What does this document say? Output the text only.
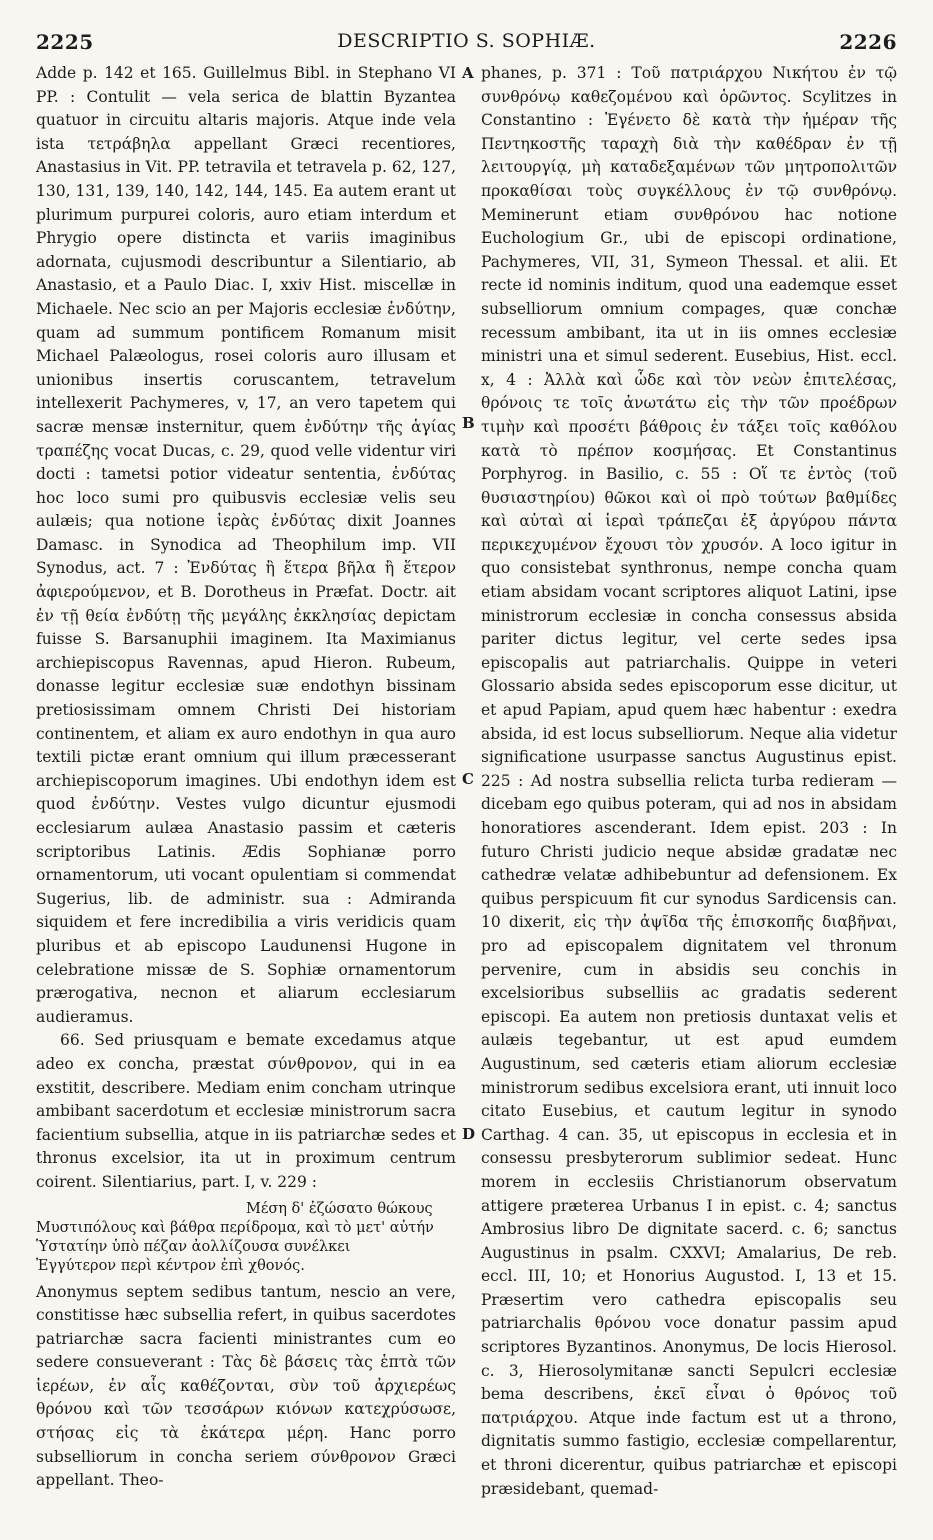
2225	DESCRIPTIO S. SOPHIÆ.	2226

Adde p. 142 et 165. Guillelmus Bibl. in Stephano VI PP. : Contulit — vela serica de blattin Byzantea quatuor in circuitu altaris majoris. Atque inde vela ista τετράβηλα appellant Græci recentiores, Anastasius in Vit. PP. tetravila et tetravela p. 62, 127, 130, 131, 139, 140, 142, 144, 145. Ea autem erant ut plurimum purpurei coloris, auro etiam interdum et Phrygio opere distincta et variis imaginibus adornata, cujusmodi describuntur a Silentiario, ab Anastasio, et a Paulo Diac. I, xxiv Hist. miscellæ in Michaele. Nec scio an per Majoris ecclesiæ ἐνδύτην, quam ad summum pontificem Romanum misit Michael Palæologus, rosei coloris auro illusam et unionibus insertis coruscantem, tetravelum intellexerit Pachymeres, v, 17, an vero tapetem qui sacræ mensæ insternitur, quem ἐνδύτην τῆς ἁγίας τραπέζης vocat Ducas, c. 29, quod velle videntur viri docti : tametsi potior videatur sententia, ἐνδύτας hoc loco sumi pro quibusvis ecclesiæ velis seu aulæis; qua notione ἱερὰς ἐνδύτας dixit Joannes Damasc. in Synodica ad Theophilum imp. VII Synodus, act. 7 : Ἐνδύτας ἢ ἕτερα βῆλα ἢ ἕτερον ἀφιερούμενον, et B. Dorotheus in Præfat. Doctr. ait ἐν τῇ θεία ἐνδύτῃ τῆς μεγάλης ἐκκλησίας depictam fuisse S. Barsanuphii imaginem. Ita Maximianus archiepiscopus Ravennas, apud Hieron. Rubeum, donasse legitur ecclesiæ suæ endothyn bissinam pretiosissimam omnem Christi Dei historiam continentem, et aliam ex auro endothyn in qua auro textili pictæ erant omnium qui illum præcesserant archiepiscoporum imagines. Ubi endothyn idem est quod ἐνδύτην. Vestes vulgo dicuntur ejusmodi ecclesiarum aulæa Anastasio passim et cæteris scriptoribus Latinis. Ædis Sophianæ porro ornamentorum, uti vocant opulentiam si commendat Sugerius, lib. de administr. sua : Admiranda siquidem et fere incredibilia a viris veridicis quam pluribus et ab episcopo Laudunensi Hugone in celebratione missæ de S. Sophiæ ornamentorum prærogativa, necnon et aliarum ecclesiarum audieramus.

66. Sed priusquam e bemate excedamus atque adeo ex concha, præstat σύνθρονον, qui in ea exstitit, describere. Mediam enim concham utrinque ambibant sacerdotum et ecclesiæ ministrorum sacra facientium subsellia, atque in iis patriarchæ sedes et thronus excelsior, ita ut in proximum centrum coirent. Silentiarius, part. I, v. 229 :

Μέση δ' ἐζώσατο θώκους
Μυστιπόλους καὶ βάθρα περίδρομα, καὶ τὸ μετ' αὐτήν
Ὑστατίην ὑπὸ πέζαν ἀολλίζουσα συνέλκει
Ἐγγύτερον περὶ κέντρον ἐπὶ χθονός.

Anonymus septem sedibus tantum, nescio an vere, constitisse hæc subsellia refert, in quibus sacerdotes patriarchæ sacra facienti ministrantes cum eo sedere consueverant : Τὰς δὲ βάσεις τὰς ἑπτὰ τῶν ἱερέων, ἐν αἷς καθέζονται, σὺν τοῦ ἀρχιερέως θρόνου καὶ τῶν τεσσάρων κιόνων κατεχρύσωσε, στήσας εἰς τὰ ἑκάτερα μέρη. Hanc porro subselliorum in concha seriem σύνθρονον Græci appellant. Theo-

phanes, p. 371 : Τοῦ πατριάρχου Νικήτου ἐν τῷ συνθρόνῳ καθεζομένου καὶ ὁρῶντος. Scylitzes in Constantino : Ἐγένετο δὲ κατὰ τὴν ἡμέραν τῆς Πεντηκοστῆς ταραχὴ διὰ τὴν καθέδραν ἐν τῇ λειτουργίᾳ, μὴ καταδεξαμένων τῶν μητροπολιτῶν προκαθίσαι τοὺς συγκέλλους ἐν τῷ συνθρόνῳ. Meminerunt etiam συνθρόνου hac notione Euchologium Gr., ubi de episcopi ordinatione, Pachymeres, VII, 31, Symeon Thessal. et alii. Et recte id nominis inditum, quod una eademque esset subselliorum omnium compages, quæ conchæ recessum ambibant, ita ut in iis omnes ecclesiæ ministri una et simul sederent. Eusebius, Hist. eccl. x, 4 : Ἀλλὰ καὶ ὧδε καὶ τὸν νεὼν ἐπιτελέσας, θρόνοις τε τοῖς ἀνωτάτω εἰς τὴν τῶν προέδρων τιμὴν καὶ προσέτι βάθροις ἐν τάξει τοῖς καθόλου κατὰ τὸ πρέπον κοσμήσας. Et Constantinus Porphyrog. in Basilio, c. 55 : Οἵ τε ἐντὸς (τοῦ θυσιαστηρίου) θῶκοι καὶ οἱ πρὸ τούτων βαθμίδες καὶ αὐταὶ αἱ ἱεραὶ τράπεζαι ἐξ ἀργύρου πάντα περικεχυμένον ἔχουσι τὸν χρυσόν. A loco igitur in quo consistebat synthronus, nempe concha quam etiam absidam vocant scriptores aliquot Latini, ipse ministrorum ecclesiæ in concha consessus absida pariter dictus legitur, vel certe sedes ipsa episcopalis aut patriarchalis. Quippe in veteri Glossario absida sedes episcoporum esse dicitur, ut et apud Papiam, apud quem hæc habentur : exedra absida, id est locus subselliorum. Neque alia videtur significatione usurpasse sanctus Augustinus epist. 225 : Ad nostra subsellia relicta turba redieram — dicebam ego quibus poteram, qui ad nos in absidam honoratiores ascenderant. Idem epist. 203 : In futuro Christi judicio neque absidæ gradatæ nec cathedræ velatæ adhibebuntur ad defensionem. Ex quibus perspicuum fit cur synodus Sardicensis can. 10 dixerit, εἰς τὴν ἀψῖδα τῆς ἐπισκοπῆς διαβῆναι, pro ad episcopalem dignitatem vel thronum pervenire, cum in absidis seu conchis in excelsioribus subselliis ac gradatis sederent episcopi. Ea autem non pretiosis duntaxat velis et aulæis tegebantur, ut est apud eumdem Augustinum, sed cæteris etiam aliorum ecclesiæ ministrorum sedibus excelsiora erant, uti innuit loco citato Eusebius, et cautum legitur in synodo Carthag. 4 can. 35, ut episcopus in ecclesia et in consessu presbyterorum sublimior sedeat. Hunc morem in ecclesiis Christianorum observatum attigere præterea Urbanus I in epist. c. 4; sanctus Ambrosius libro De dignitate sacerd. c. 6; sanctus Augustinus in psalm. CXXVI; Amalarius, De reb. eccl. III, 10; et Honorius Augustod. I, 13 et 15. Præsertim vero cathedra episcopalis seu patriarchalis θρόνου voce donatur passim apud scriptores Byzantinos. Anonymus, De locis Hierosol. c. 3, Hierosolymitanæ sancti Sepulcri ecclesiæ bema describens, ἐκεῖ εἶναι ὁ θρόνος τοῦ πατριάρχου. Atque inde factum est ut a throno, dignitatis summo fastigio, ecclesiæ compellarentur, et throni dicerentur, quibus patriarchæ et episcopi præsidebant, quemad-

A
B
C
D
